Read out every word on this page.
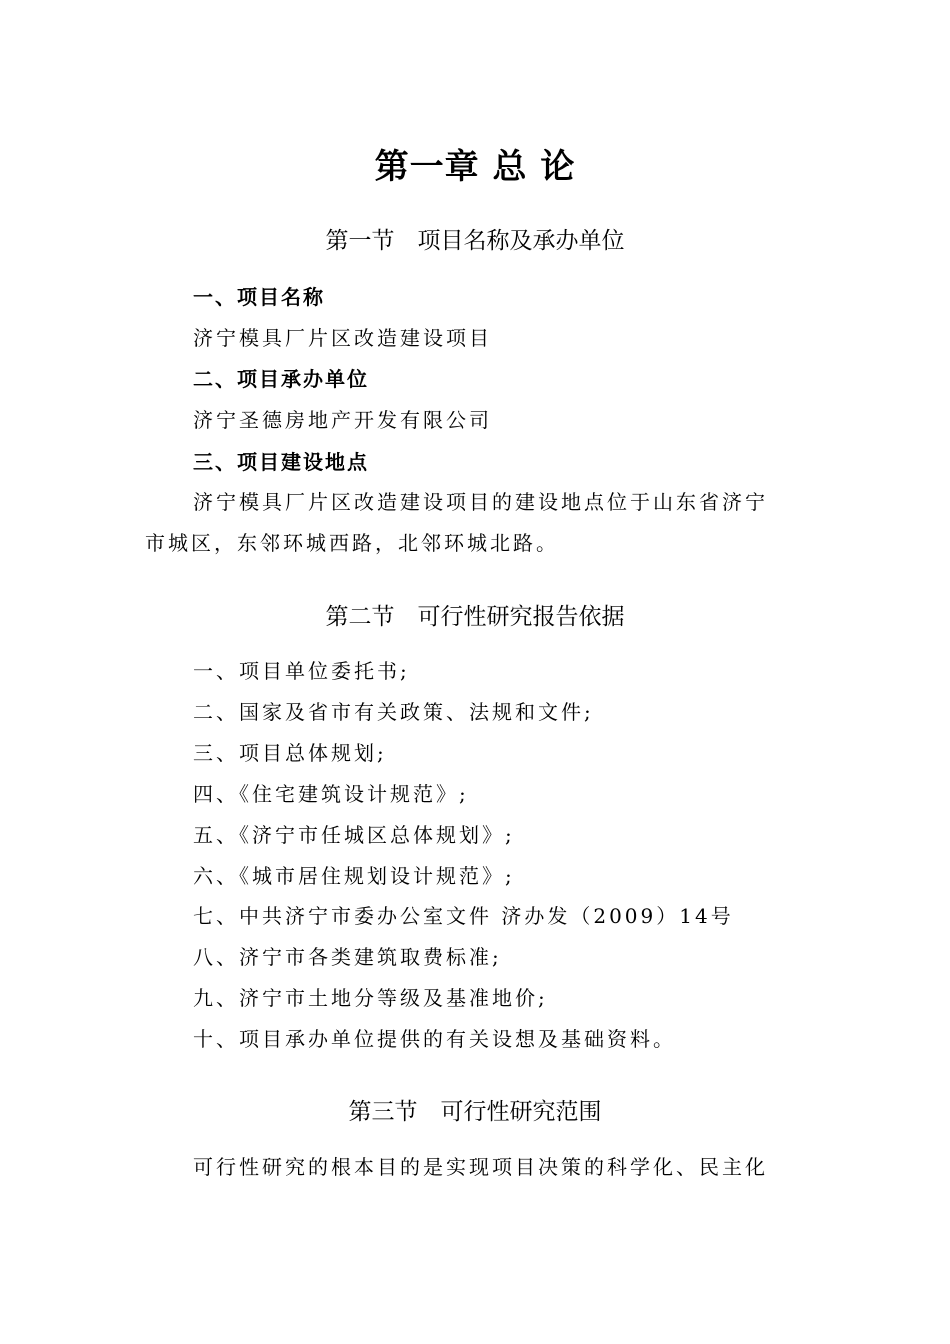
第一章 总 论
第一节　项目名称及承办单位
一、项目名称
济宁模具厂片区改造建设项目
二、项目承办单位
济宁圣德房地产开发有限公司
三、项目建设地点
济宁模具厂片区改造建设项目的建设地点位于山东省济宁
市城区，东邻环城西路，北邻环城北路。
第二节　可行性研究报告依据
一、项目单位委托书;
二、国家及省市有关政策、法规和文件;
三、项目总体规划;
四、《住宅建筑设计规范》;
五、《济宁市任城区总体规划》;
六、《城市居住规划设计规范》;
七、中共济宁市委办公室文件 济办发（2009）14号
八、济宁市各类建筑取费标准;
九、济宁市土地分等级及基准地价;
十、项目承办单位提供的有关设想及基础资料。
第三节　可行性研究范围
可行性研究的根本目的是实现项目决策的科学化、民主化
